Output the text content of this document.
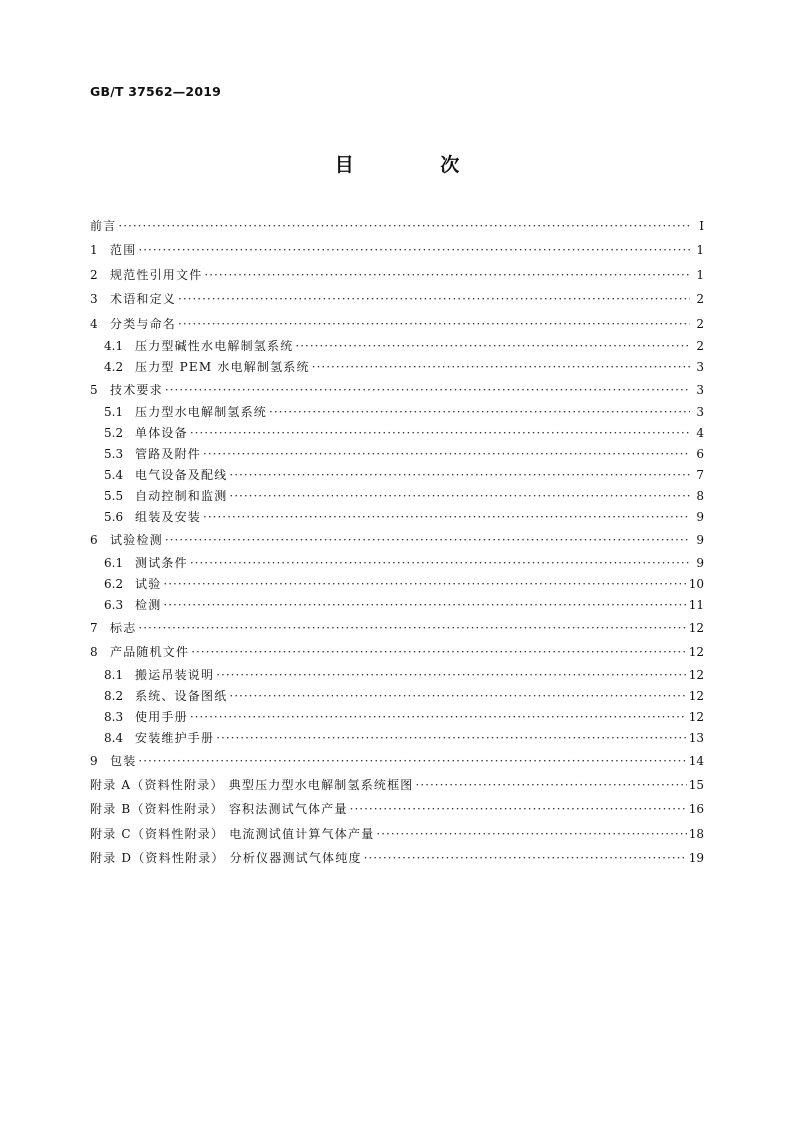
GB/T 37562—2019
目 次
前言 ·····	Ⅰ
1	范围 ·····	1
2	规范性引用文件 ·····	1
3	术语和定义 ·····	2
4	分类与命名 ·····	2
4.1 压力型碱性水电解制氢系统 ·····	2
4.2 压力型 PEM 水电解制氢系统 ·····	3
5	技术要求 ·····	3
5.1 压力型水电解制氢系统 ·····	3
5.2 单体设备 ·····	4
5.3 管路及附件 ·····	6
5.4 电气设备及配线 ·····	7
5.5 自动控制和监测 ·····	8
5.6 组装及安装 ·····	9
6	试验检测 ·····	9
6.1 测试条件 ·····	9
6.2 试验 ·····	10
6.3 检测 ·····	11
7	标志 ·····	12
8	产品随机文件 ·····	12
8.1 搬运吊装说明 ·····	12
8.2 系统、设备图纸 ·····	12
8.3 使用手册 ·····	12
8.4 安装维护手册 ·····	13
9	包装 ·····	14
附录 A（资料性附录） 典型压力型水电解制氢系统框图 ·····	15
附录 B（资料性附录） 容积法测试气体产量 ·····	16
附录 C（资料性附录） 电流测试值计算气体产量 ·····	18
附录 D（资料性附录） 分析仪器测试气体纯度 ·····	19
